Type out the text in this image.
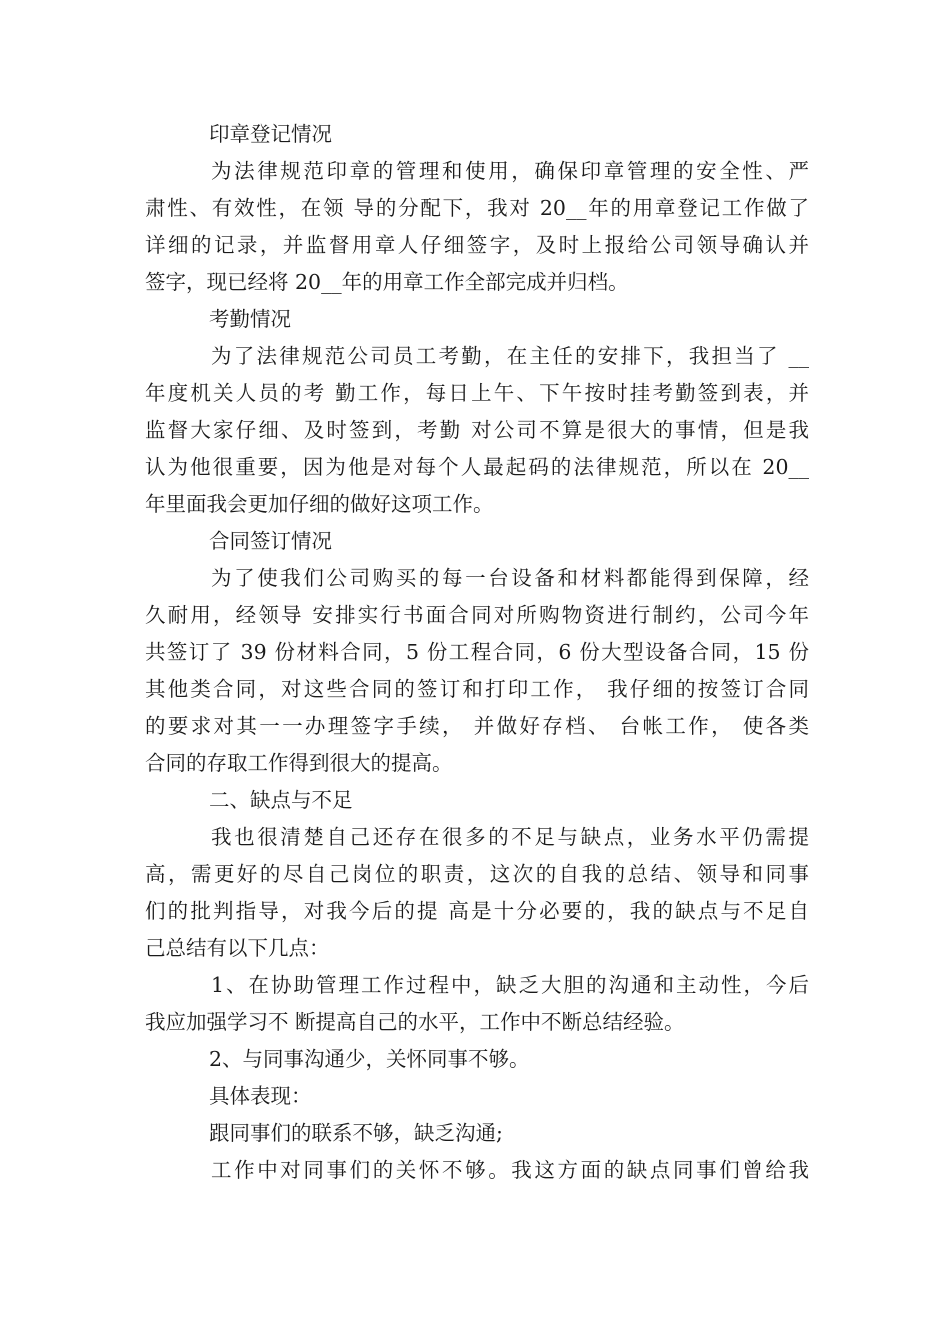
印章登记情况

为法律规范印章的管理和使用，确保印章管理的安全性、严

肃性、有效性，在领 导的分配下，我对 20__年的用章登记工作做了

详细的记录，并监督用章人仔细签字，及时上报给公司领导确认并

签字，现已经将 20__年的用章工作全部完成并归档。

考勤情况

为了法律规范公司员工考勤，在主任的安排下，我担当了 __

年度机关人员的考 勤工作，每日上午、下午按时挂考勤签到表，并

监督大家仔细、及时签到，考勤 对公司不算是很大的事情，但是我

认为他很重要，因为他是对每个人最起码的法律规范，所以在 20__

年里面我会更加仔细的做好这项工作。

合同签订情况

为了使我们公司购买的每一台设备和材料都能得到保障，经

久耐用，经领导 安排实行书面合同对所购物资进行制约，公司今年

共签订了 39 份材料合同，5 份工程合同，6 份大型设备合同，15 份

其他类合同，对这些合同的签订和打印工作， 我仔细的按签订合同

的要求对其一一办理签字手续， 并做好存档、 台帐工作， 使各类

合同的存取工作得到很大的提高。

二、缺点与不足

我也很清楚自己还存在很多的不足与缺点，业务水平仍需提

高，需更好的尽自己岗位的职责，这次的自我的总结、领导和同事

们的批判指导，对我今后的提 高是十分必要的，我的缺点与不足自

己总结有以下几点：

1、在协助管理工作过程中，缺乏大胆的沟通和主动性，今后

我应加强学习不 断提高自己的水平，工作中不断总结经验。

2、与同事沟通少，关怀同事不够。

具体表现：

跟同事们的联系不够，缺乏沟通;

工作中对同事们的关怀不够。我这方面的缺点同事们曾给我
